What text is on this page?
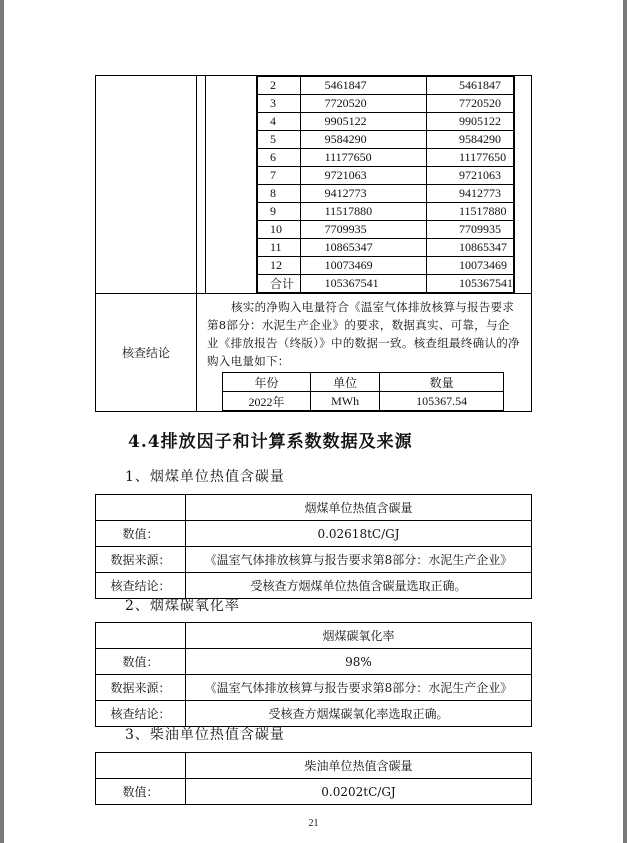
2	5461847	5461847
3	7720520	7720520
4	9905122	9905122
5	9584290	9584290
6	11177650	11177650
7	9721063	9721063
8	9412773	9412773
9	11517880	11517880
10	7709935	7709935
11	10865347	10865347
12	10073469	10073469
合计	105367541	105367541

核查结论	
核实的净购入电量符合《温室气体排放核算与报告要求 第8部分：水泥生产企业》的要求，数据真实、可靠，与企业《排放报告（终版）》中的数据一致。核查组最终确认的净购入电量如下：
年份	单位	数量
2022年	MWh	105367.54
4.4排放因子和计算系数数据及来源
1、烟煤单位热值含碳量
	烟煤单位热值含碳量
数值：	0.02618tC/GJ
数据来源：	《温室气体排放核算与报告要求第8部分：水泥生产企业》
核查结论：	受核查方烟煤单位热值含碳量选取正确。
2、烟煤碳氧化率
	烟煤碳氧化率
数值：	98%
数据来源：	《温室气体排放核算与报告要求第8部分：水泥生产企业》
核查结论：	受核查方烟煤碳氧化率选取正确。
3、柴油单位热值含碳量
	柴油单位热值含碳量
数值：	0.0202tC/GJ
21
